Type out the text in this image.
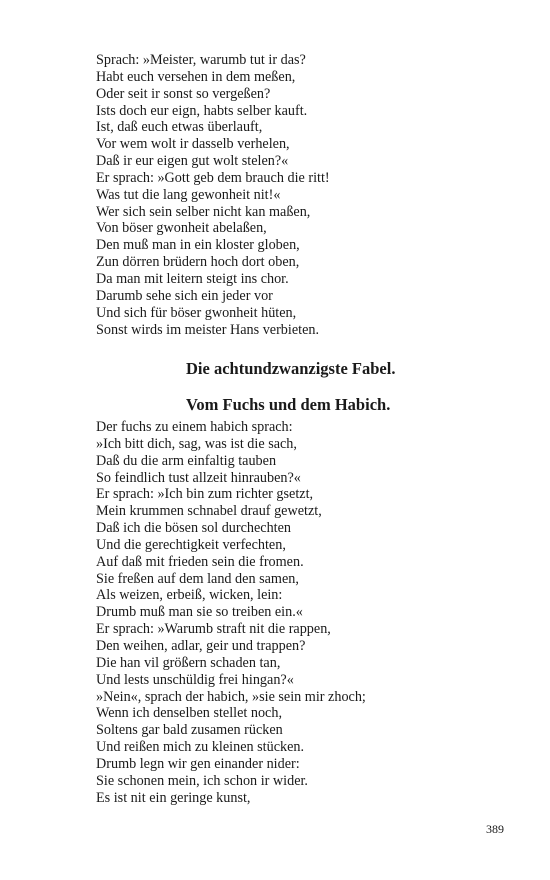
Sprach: »Meister, warumb tut ir das?
Habt euch versehen in dem meßen,
Oder seit ir sonst so vergeßen?
Ists doch eur eign, habts selber kauft.
Ist, daß euch etwas überlauft,
Vor wem wolt ir dasselb verhelen,
Daß ir eur eigen gut wolt stelen?«
Er sprach: »Gott geb dem brauch die ritt!
Was tut die lang gewonheit nit!«
Wer sich sein selber nicht kan maßen,
Von böser gwonheit abelaßen,
Den muß man in ein kloster globen,
Zun dörren brüdern hoch dort oben,
Da man mit leitern steigt ins chor.
Darumb sehe sich ein jeder vor
Und sich für böser gwonheit hüten,
Sonst wirds im meister Hans verbieten.
Die achtundzwanzigste Fabel.
Vom Fuchs und dem Habich.
Der fuchs zu einem habich sprach:
»Ich bitt dich, sag, was ist die sach,
Daß du die arm einfaltig tauben
So feindlich tust allzeit hinrauben?«
Er sprach: »Ich bin zum richter gsetzt,
Mein krummen schnabel drauf gewetzt,
Daß ich die bösen sol durchechten
Und die gerechtigkeit verfechten,
Auf daß mit frieden sein die fromen.
Sie freßen auf dem land den samen,
Als weizen, erbeiß, wicken, lein:
Drumb muß man sie so treiben ein.«
Er sprach: »Warumb straft nit die rappen,
Den weihen, adlar, geir und trappen?
Die han vil größern schaden tan,
Und lests unschüldig frei hingan?«
»Nein«, sprach der habich, »sie sein mir zhoch;
Wenn ich denselben stellet noch,
Soltens gar bald zusamen rücken
Und reißen mich zu kleinen stücken.
Drumb legn wir gen einander nider:
Sie schonen mein, ich schon ir wider.
Es ist nit ein geringe kunst,
389
